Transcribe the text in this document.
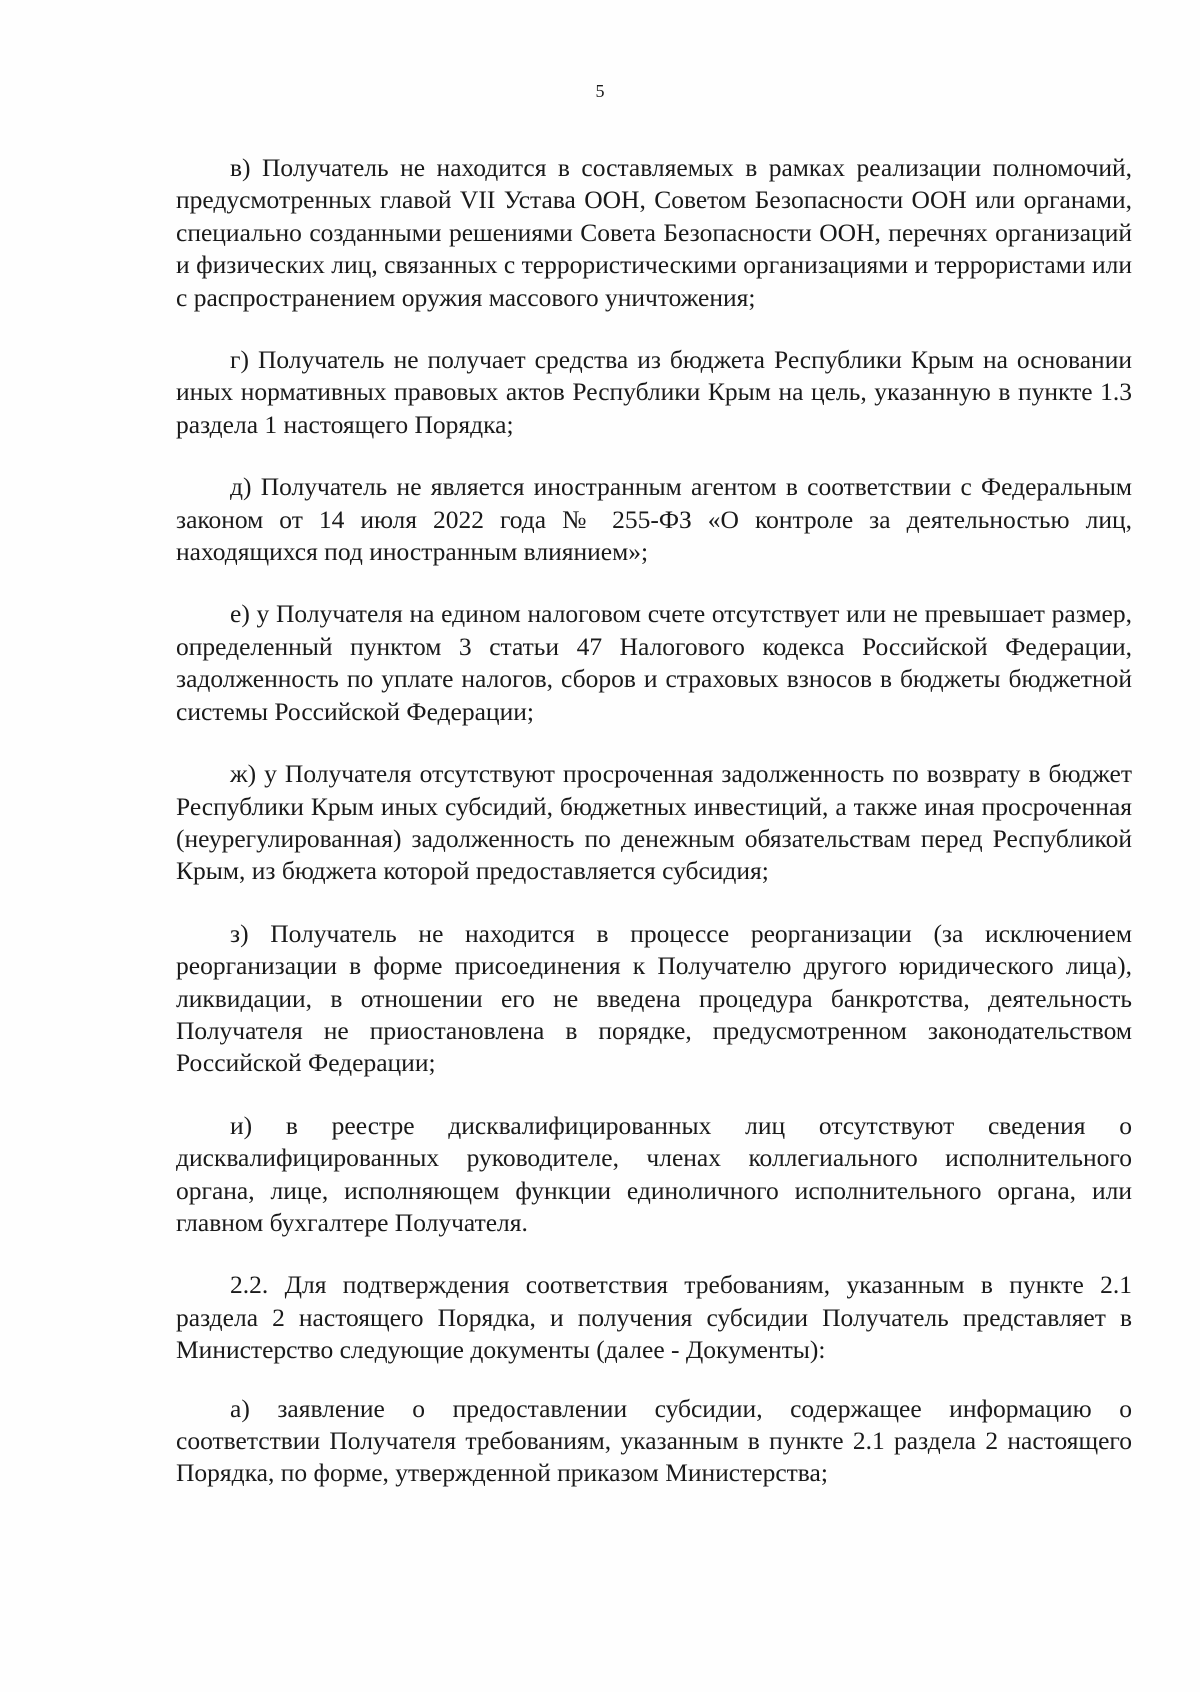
5

в) Получатель не находится в составляемых в рамках реализации полномочий, предусмотренных главой VII Устава ООН, Советом Безопасности ООН или органами, специально созданными решениями Совета Безопасности ООН, перечнях организаций и физических лиц, связанных с террористическими организациями и террористами или с распространением оружия массового уничтожения;

г) Получатель не получает средства из бюджета Республики Крым на основании иных нормативных правовых актов Республики Крым на цель, указанную в пункте 1.3 раздела 1 настоящего Порядка;

д) Получатель не является иностранным агентом в соответствии с Федеральным законом от 14 июля 2022 года № 255-ФЗ «О контроле за деятельностью лиц, находящихся под иностранным влиянием»;

е) у Получателя на едином налоговом счете отсутствует или не превышает размер, определенный пунктом 3 статьи 47 Налогового кодекса Российской Федерации, задолженность по уплате налогов, сборов и страховых взносов в бюджеты бюджетной системы Российской Федерации;

ж) у Получателя отсутствуют просроченная задолженность по возврату в бюджет Республики Крым иных субсидий, бюджетных инвестиций, а также иная просроченная (неурегулированная) задолженность по денежным обязательствам перед Республикой Крым, из бюджета которой предоставляется субсидия;

з) Получатель не находится в процессе реорганизации (за исключением реорганизации в форме присоединения к Получателю другого юридического лица), ликвидации, в отношении его не введена процедура банкротства, деятельность Получателя не приостановлена в порядке, предусмотренном законодательством Российской Федерации;

и) в реестре дисквалифицированных лиц отсутствуют сведения о дисквалифицированных руководителе, членах коллегиального исполнительного органа, лице, исполняющем функции единоличного исполнительного органа, или главном бухгалтере Получателя.

2.2. Для подтверждения соответствия требованиям, указанным в пункте 2.1 раздела 2 настоящего Порядка, и получения субсидии Получатель представляет в Министерство следующие документы (далее - Документы):

а) заявление о предоставлении субсидии, содержащее информацию о соответствии Получателя требованиям, указанным в пункте 2.1 раздела 2 настоящего Порядка, по форме, утвержденной приказом Министерства;
